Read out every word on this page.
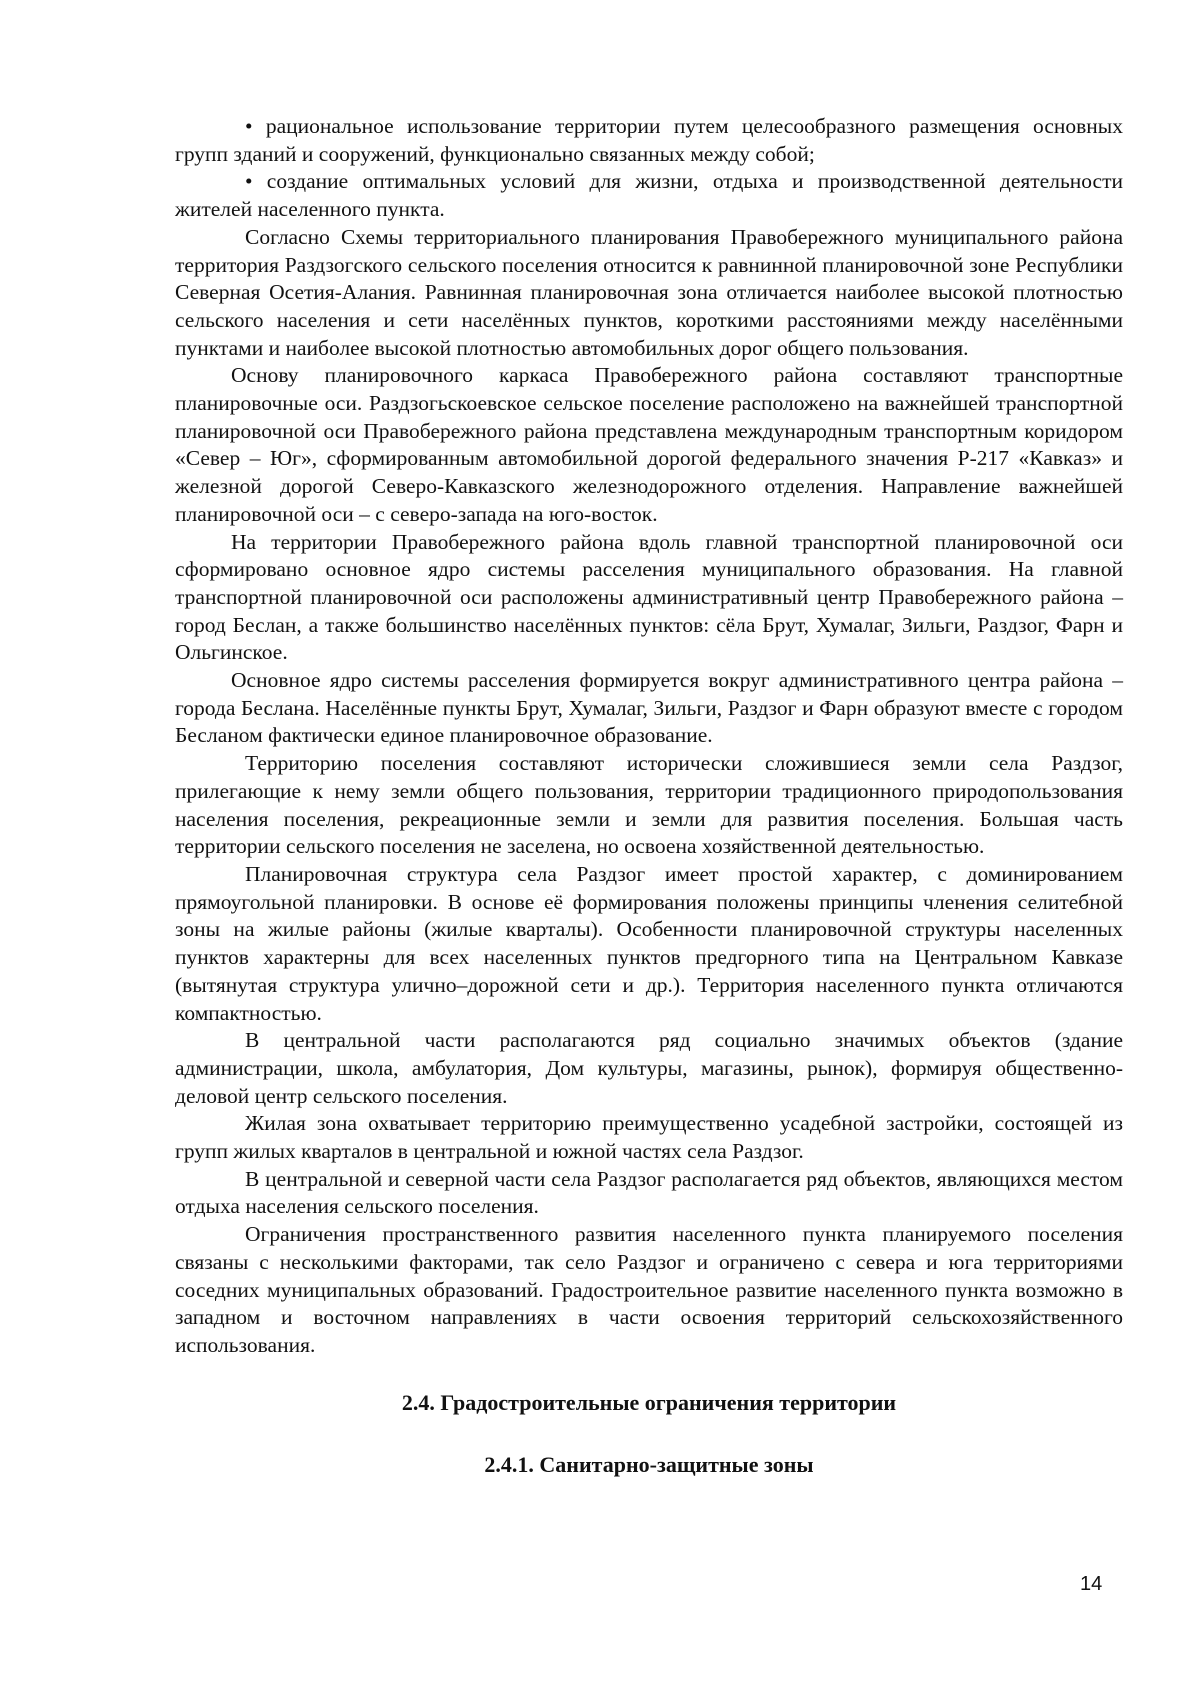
• рациональное использование территории путем целесообразного размещения основных групп зданий и сооружений, функционально связанных между собой;

• создание оптимальных условий для жизни, отдыха и производственной деятельности жителей населенного пункта.

Согласно Схемы территориального планирования Правобережного муниципального района территория Раздзогского сельского поселения относится к равнинной планировочной зоне Республики Северная Осетия-Алания. Равнинная планировочная зона отличается наиболее высокой плотностью сельского населения и сети населённых пунктов, короткими расстояниями между населёнными пунктами и наиболее высокой плотностью автомобильных дорог общего пользования.

Основу планировочного каркаса Правобережного района составляют транспортные планировочные оси. Раздзогьскоевское сельское поселение расположено на важнейшей транспортной планировочной оси Правобережного района представлена международным транспортным коридором «Север – Юг», сформированным автомобильной дорогой федерального значения Р-217 «Кавказ» и железной дорогой Северо-Кавказского железнодорожного отделения. Направление важнейшей планировочной оси – с северо-запада на юго-восток.

На территории Правобережного района вдоль главной транспортной планировочной оси сформировано основное ядро системы расселения муниципального образования. На главной транспортной планировочной оси расположены административный центр Правобережного района – город Беслан, а также большинство населённых пунктов: сёла Брут, Хумалаг, Зильги, Раздзог, Фарн и Ольгинское.

Основное ядро системы расселения формируется вокруг административного центра района – города Беслана. Населённые пункты Брут, Хумалаг, Зильги, Раздзог и Фарн образуют вместе с городом Бесланом фактически единое планировочное образование.

Территорию поселения составляют исторически сложившиеся земли села Раздзог, прилегающие к нему земли общего пользования, территории традиционного природопользования населения поселения, рекреационные земли и земли для развития поселения. Большая часть территории сельского поселения не заселена, но освоена хозяйственной деятельностью.

Планировочная структура села Раздзог имеет простой характер, с доминированием прямоугольной планировки. В основе её формирования положены принципы членения селитебной зоны на жилые районы (жилые кварталы). Особенности планировочной структуры населенных пунктов характерны для всех населенных пунктов предгорного типа на Центральном Кавказе (вытянутая структура улично–дорожной сети и др.). Территория населенного пункта отличаются компактностью.

В центральной части располагаются ряд социально значимых объектов (здание администрации, школа, амбулатория, Дом культуры, магазины, рынок), формируя общественно-деловой центр сельского поселения.

Жилая зона охватывает территорию преимущественно усадебной застройки, состоящей из групп жилых кварталов в центральной и южной частях села Раздзог.

В центральной и северной части села Раздзог располагается ряд объектов, являющихся местом отдыха населения сельского поселения.

Ограничения пространственного развития населенного пункта планируемого поселения связаны с несколькими факторами, так село Раздзог и ограничено с севера и юга территориями соседних муниципальных образований. Градостроительное развитие населенного пункта возможно в западном и восточном направлениях в части освоения территорий сельскохозяйственного использования.

2.4. Градостроительные ограничения территории
2.4.1. Санитарно-защитные зоны
14
